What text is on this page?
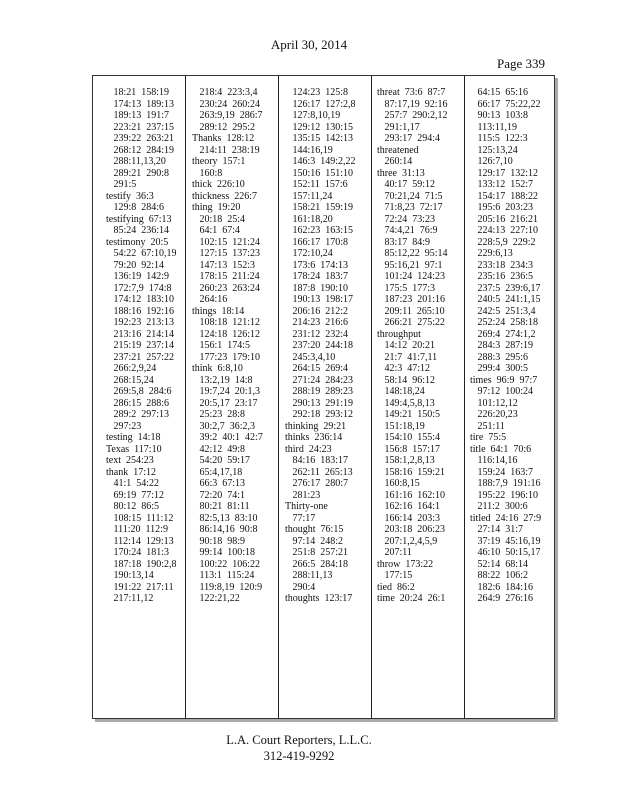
April 30, 2014
Page 339
18:21  158:19
174:13  189:13
189:13  191:7
223:21  237:15
239:22  263:21
268:12  284:19
288:11,13,20
289:21  290:8
291:5
testify  36:3
129:8  284:6
testifying  67:13
85:24  236:14
testimony  20:5
54:22  67:10,19
79:20  92:14
136:19  142:9
172:7,9  174:8
174:12  183:10
188:16  192:16
192:23  213:13
213:16  214:14
215:19  237:14
237:21  257:22
266:2,9,24
268:15,24
269:5,8  284:6
286:15  288:6
289:2  297:13
297:23
testing  14:18
Texas  117:10
text  254:23
thank  17:12
41:1  54:22
69:19  77:12
80:12  86:5
108:15  111:12
111:20  112:9
112:14  129:13
170:24  181:3
187:18  190:2,8
190:13,14
191:22  217:11
217:11,12
218:4  223:3,4
230:24  260:24
263:9,19  286:7
289:12  295:2
Thanks  128:12
214:11  238:19
theory  157:1
160:8
thick  226:10
thickness  226:7
thing  19:20
20:18  25:4
64:1  67:4
102:15  121:24
127:15  137:23
147:13  152:3
178:15  211:24
260:23  263:24
264:16
things  18:14
108:18  121:12
124:18  126:12
156:1  174:5
177:23  179:10
think  6:8,10
13:2,19  14:8
19:7,24  20:1,3
20:5,17  23:17
25:23  28:8
30:2,7  36:2,3
39:2  40:1  42:7
42:12  49:8
54:20  59:17
65:4,17,18
66:3  67:13
72:20  74:1
80:21  81:11
82:5,13  83:10
86:14,16  90:8
90:18  98:9
99:14  100:18
100:22  106:22
113:1  115:24
119:8,19  120:9
122:21,22
124:23  125:8
126:17  127:2,8
127:8,10,19
129:12  130:15
135:15  142:13
144:16,19
146:3  149:2,22
150:16  151:10
152:11  157:6
157:11,24
158:21  159:19
161:18,20
162:23  163:15
166:17  170:8
172:10,24
173:6  174:13
178:24  183:7
187:8  190:10
190:13  198:17
206:16  212:2
214:23  216:6
231:12  232:4
237:20  244:18
245:3,4,10
264:15  269:4
271:24  284:23
288:19  289:23
290:13  291:19
292:18  293:12
thinking  29:21
thinks  236:14
third  24:23
84:16  183:17
262:11  265:13
276:17  280:7
281:23
Thirty-one
77:17
thought  76:15
97:14  248:2
251:8  257:21
266:5  284:18
288:11,13
290:4
thoughts  123:17
threat  73:6  87:7
87:17,19  92:16
257:7  290:2,12
291:1,17
293:17  294:4
threatened
260:14
three  31:13
40:17  59:12
70:21,24  71:5
71:8,23  72:17
72:24  73:23
74:4,21  76:9
83:17  84:9
85:12,22  95:14
95:16,21  97:1
101:24  124:23
175:5  177:3
187:23  201:16
209:11  265:10
266:21  275:22
throughput
14:12  20:21
21:7  41:7,11
42:3  47:12
58:14  96:12
148:18,24
149:4,5,8,13
149:21  150:5
151:18,19
154:10  155:4
156:8  157:17
158:1,2,8,13
158:16  159:21
160:8,15
161:16  162:10
162:16  164:1
166:14  203:3
203:18  206:23
207:1,2,4,5,9
207:11
throw  173:22
177:15
tied  86:2
time  20:24  26:1
64:15  65:16
66:17  75:22,22
90:13  103:8
113:11,19
115:5  122:3
125:13,24
126:7,10
129:17  132:12
133:12  152:7
154:17  188:22
195:6  203:23
205:16  216:21
224:13  227:10
228:5,9  229:2
229:6,13
233:18  234:3
235:16  236:5
237:5  239:6,17
240:5  241:1,15
242:5  251:3,4
252:24  258:18
269:4  274:1,2
284:3  287:19
288:3  295:6
299:4  300:5
times  96:9  97:7
97:12  100:24
101:12,12
226:20,23
251:11
tire  75:5
title  64:1  70:6
116:14,16
159:24  163:7
188:7,9  191:16
195:22  196:10
211:2  300:6
titled  24:16  27:9
27:14  31:7
37:19  45:16,19
46:10  50:15,17
52:14  68:14
88:22  106:2
182:6  184:16
264:9  276:16
L.A. Court Reporters, L.L.C.
312-419-9292
